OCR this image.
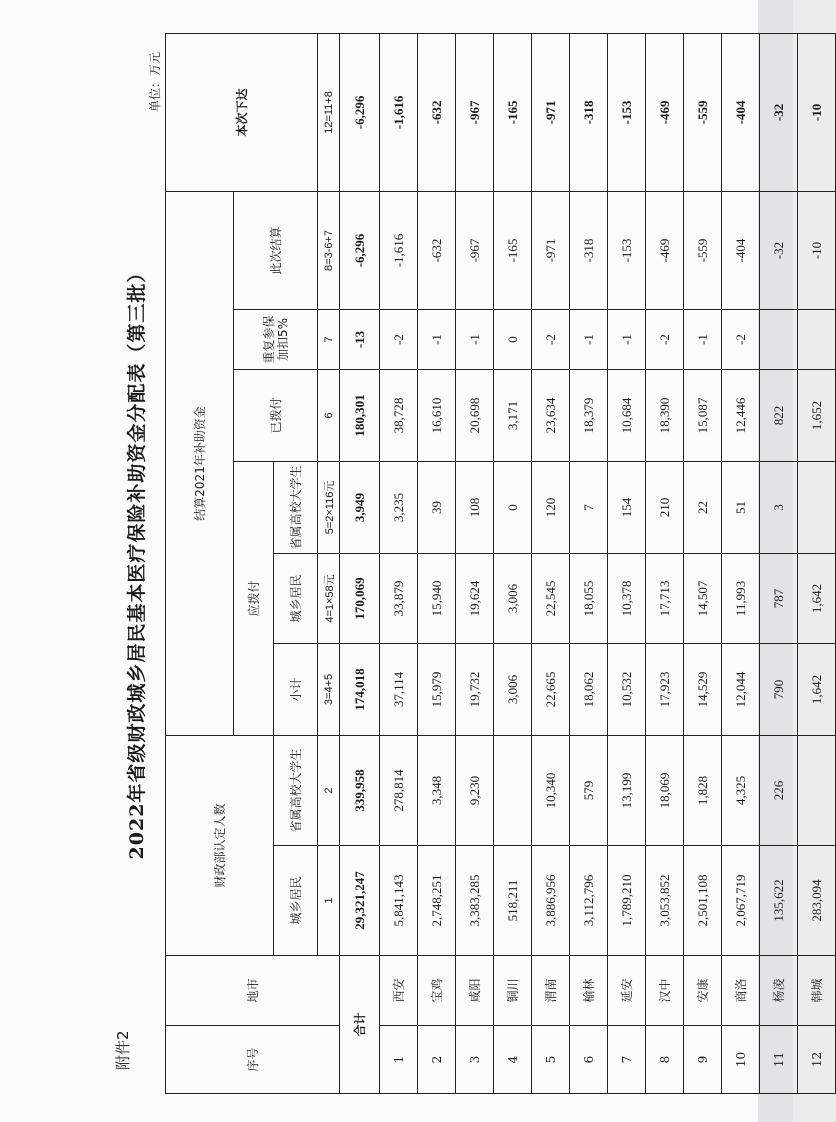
附件2
2022年省级财政城乡居民基本医疗保险补助资金分配表（第三批）
单位：万元
序号	地市	财政部认定人数		结算2021年补助资金						本次下达
				应拨付			已拨付	重复参保加扣5%	此次结算	
		城乡居民	省属高校大学生	小计	城乡居民	省属高校大学生				
		1	2	3=4+5	4=1×58元	5=2×116元	6	7	8=3-6+7	12=11+8
合计		29,321,247	339,958	174,018	170,069	3,949	180,301	-13	-6,296	-6,296
1	西安	5,841,143	278,814	37,114	33,879	3,235	38,728	-2	-1,616	-1,616
2	宝鸡	2,748,251	3,348	15,979	15,940	39	16,610	-1	-632	-632
3	咸阳	3,383,285	9,230	19,732	19,624	108	20,698	-1	-967	-967
4	铜川	518,211		3,006	3,006	0	3,171	0	-165	-165
5	渭南	3,886,956	10,340	22,665	22,545	120	23,634	-2	-971	-971
6	榆林	3,112,796	579	18,062	18,055	7	18,379	-1	-318	-318
7	延安	1,789,210	13,199	10,532	10,378	154	10,684	-1	-153	-153
8	汉中	3,053,852	18,069	17,923	17,713	210	18,390	-2	-469	-469
9	安康	2,501,108	1,828	14,529	14,507	22	15,087	-1	-559	-559
10	商洛	2,067,719	4,325	12,044	11,993	51	12,446	-2	-404	-404
11	杨凌	135,622	226	790	787	3	822		-32	-32
12	韩城	283,094		1,642	1,642		1,652		-10	-10
